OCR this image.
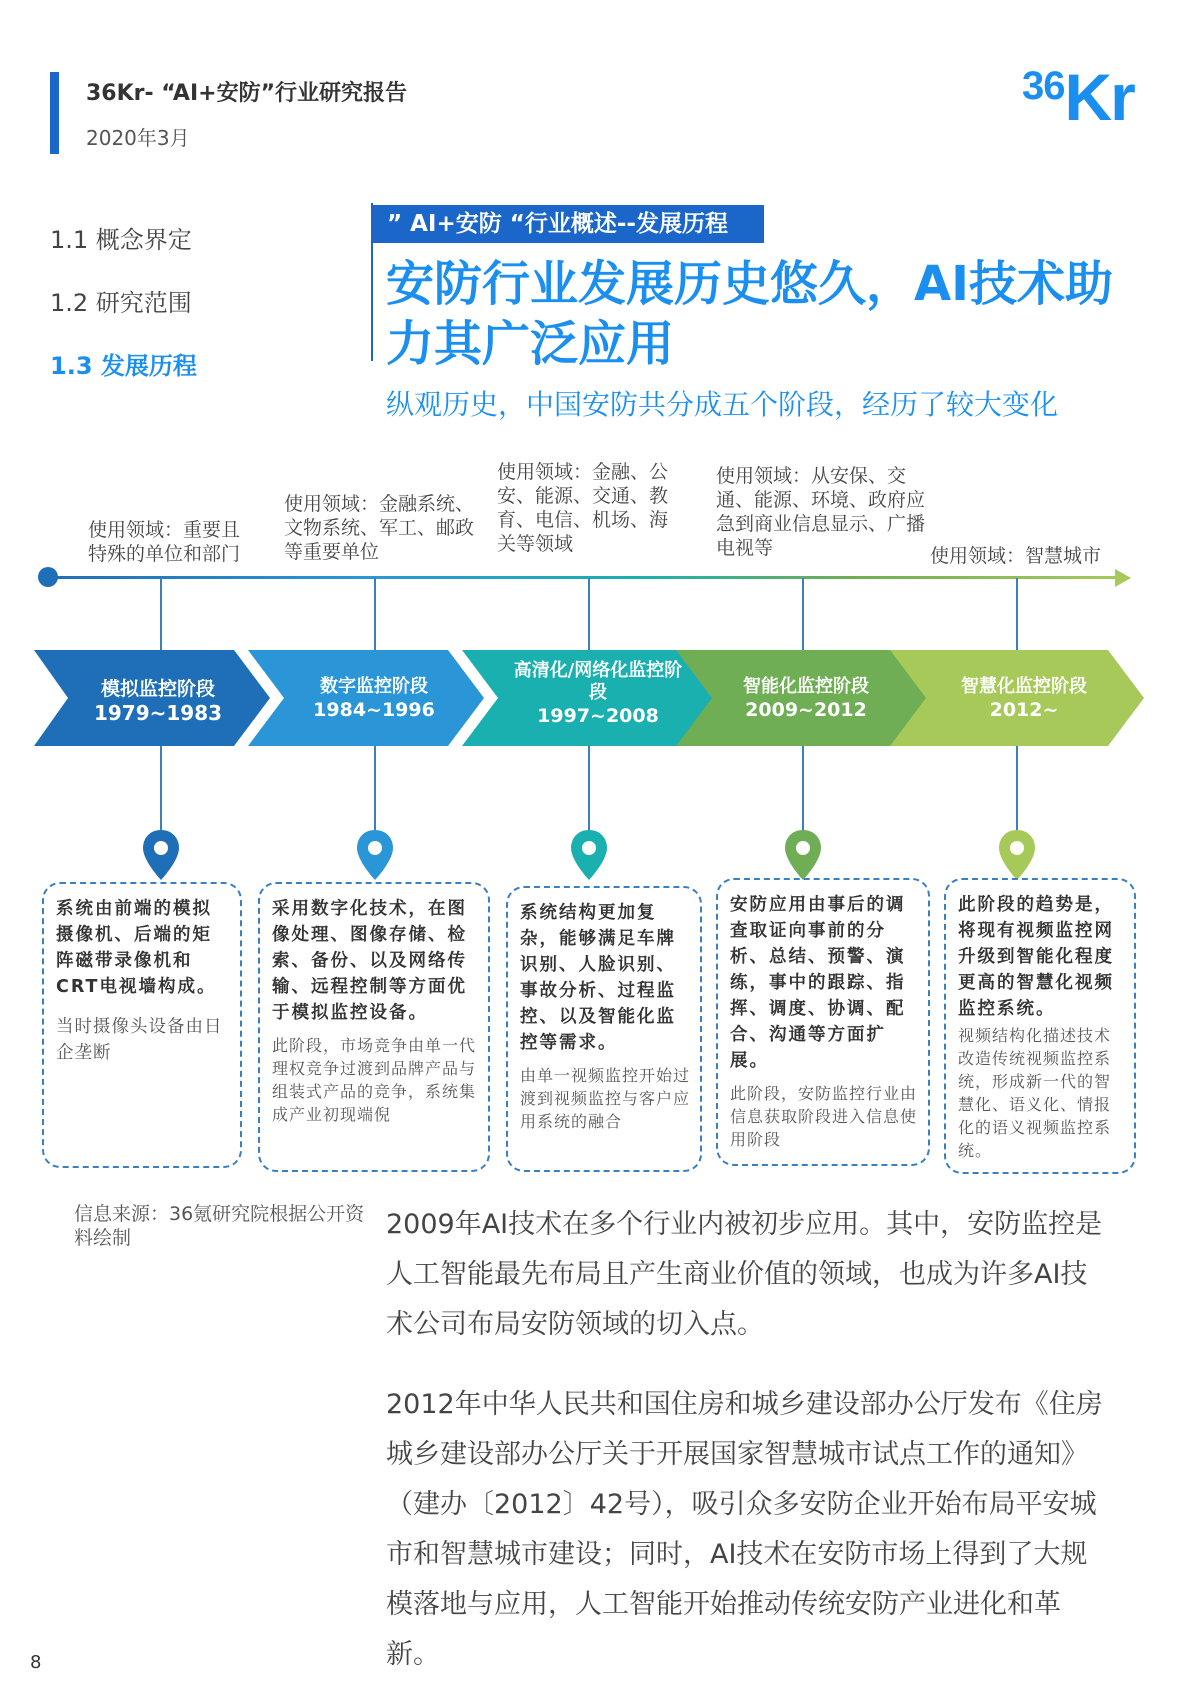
36Kr- “AI+安防”行业研究报告
2020年3月
36Kr
1.1 概念界定
1.2 研究范围
1.3 发展历程
” AI+安防 “行业概述--发展历程
安防行业发展历史悠久，AI技术助力其广泛应用
纵观历史，中国安防共分成五个阶段，经历了较大变化
使用领域：重要且特殊的单位和部门
使用领域：金融系统、文物系统、军工、邮政等重要单位
使用领域：金融、公安、能源、交通、教育、电信、机场、海关等领域
使用领域：从安保、交通、能源、环境、政府应急到商业信息显示、广播电视等	使用领域：智慧城市
模拟监控阶段
1979~1983
数字监控阶段
1984~1996
高清化/网络化监控阶
段
1997~2008
智能化监控阶段
2009~2012
智慧化监控阶段
2012~
系统由前端的模拟摄像机、后端的矩阵磁带录像机和CRT电视墙构成。
当时摄像头设备由日企垄断
采用数字化技术，在图像处理、图像存储、检索、备份、以及网络传输、远程控制等方面优于模拟监控设备。
此阶段，市场竞争由单一代理权竞争过渡到品牌产品与组装式产品的竞争，系统集成产业初现端倪
系统结构更加复杂，能够满足车牌识别、人脸识别、事故分析、过程监控、以及智能化监控等需求。
由单一视频监控开始过渡到视频监控与客户应用系统的融合
安防应用由事后的调查取证向事前的分析、总结、预警、演练，事中的跟踪、指挥、调度、协调、配合、沟通等方面扩展。
此阶段，安防监控行业由信息获取阶段进入信息使用阶段
此阶段的趋势是，将现有视频监控网升级到智能化程度更高的智慧化视频监控系统。
视频结构化描述技术改造传统视频监控系统，形成新一代的智慧化、语义化、情报化的语义视频监控系统。
信息来源：36氪研究院根据公开资料绘制	2009年AI技术在多个行业内被初步应用。其中，安防监控是人工智能最先布局且产生商业价值的领域，也成为许多AI技术公司布局安防领域的切入点。
2012年中华人民共和国住房和城乡建设部办公厅发布《住房城乡建设部办公厅关于开展国家智慧城市试点工作的通知》（建办〔2012〕42号），吸引众多安防企业开始布局平安城市和智慧城市建设；同时，AI技术在安防市场上得到了大规模落地与应用，人工智能开始推动传统安防产业进化和革新。
8
